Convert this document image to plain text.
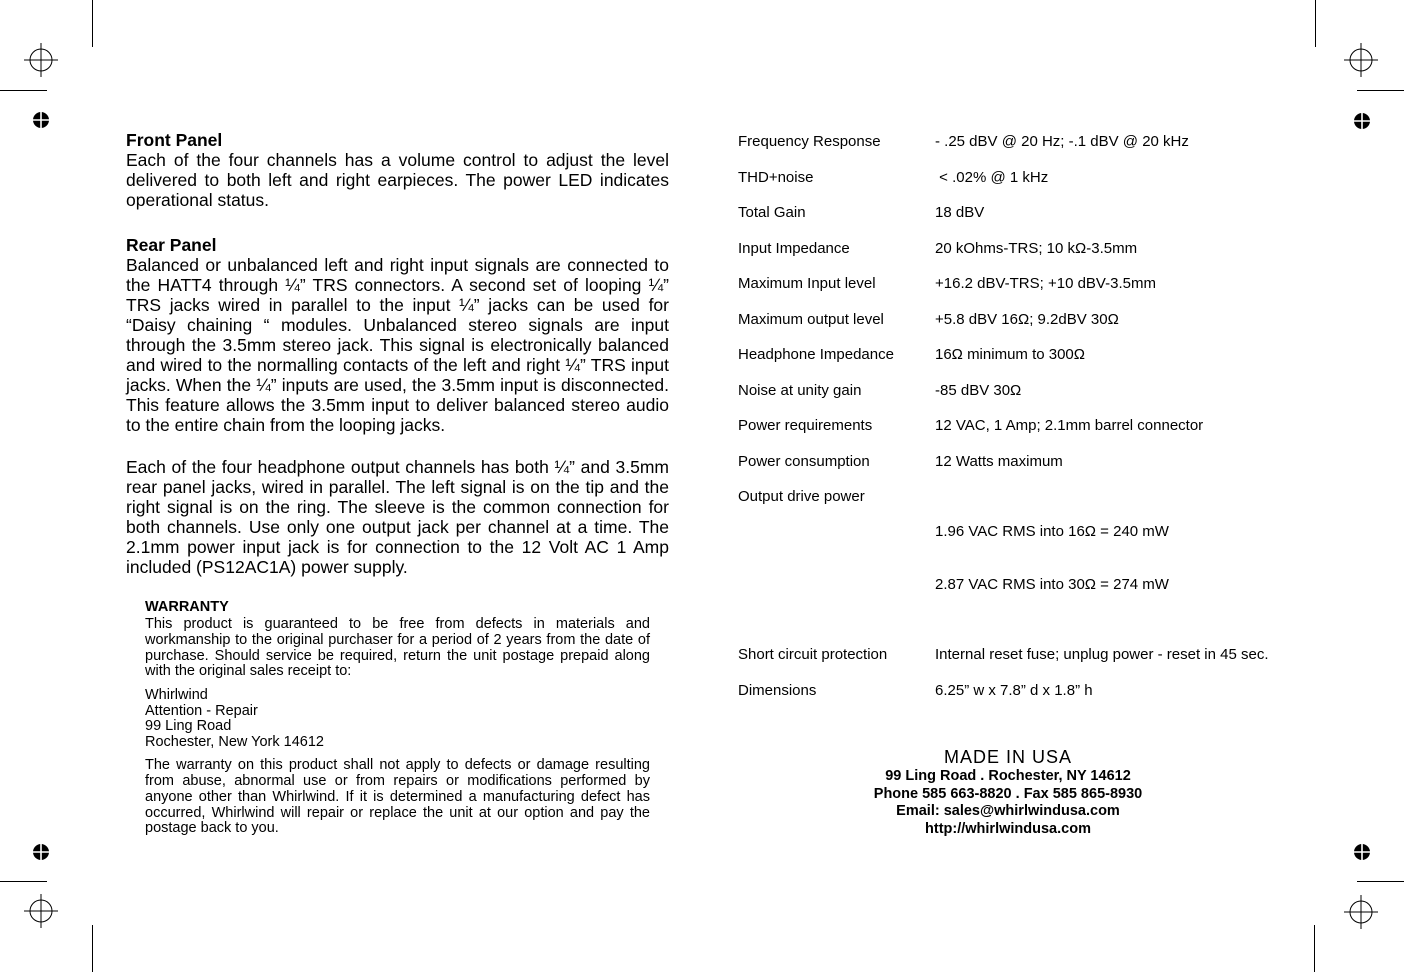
Front Panel

Each of the four channels has a volume control to adjust the level delivered to both left and right earpieces. The power LED indicates operational status.

Rear Panel

Balanced or unbalanced left and right input signals are connected to the HATT4 through ¼” TRS connectors. A second set of looping ¼” TRS jacks wired in parallel to the input ¼” jacks can be used for “Daisy chaining “ modules. Unbalanced stereo signals are input through the 3.5mm stereo jack. This signal is electronically balanced and wired to the normalling contacts of the left and right ¼” TRS input jacks. When the ¼” inputs are used, the 3.5mm input is disconnected. This feature allows the 3.5mm input to deliver balanced stereo audio to the entire chain from the looping jacks.

Each of the four headphone output channels has both ¼” and 3.5mm rear panel jacks, wired in parallel. The left signal is on the tip and the right signal is on the ring. The sleeve is the common connection for both channels. Use only one output jack per channel at a time. The 2.1mm power input jack is for connection to the 12 Volt AC 1 Amp included (PS12AC1A) power supply.

WARRANTY

This product is guaranteed to be free from defects in materials and workmanship to the original purchaser for a period of 2 years from the date of purchase. Should service be required, return the unit postage prepaid along with the original sales receipt to:

Whirlwind
Attention - Repair
99 Ling Road
Rochester, New York 14612

The warranty on this product shall not apply to defects or damage resulting from abuse, abnormal use or from repairs or modifications performed by anyone other than Whirlwind. If it is determined a manufacturing defect has occurred, Whirlwind will repair or replace the unit at our option and pay the postage back to you.

Frequency Response	- .25 dBV @ 20 Hz; -.1 dBV @ 20 kHz
THD+noise	< .02% @ 1 kHz
Total Gain	18 dBV
Input Impedance	20 kOhms-TRS; 10 kΩ-3.5mm
Maximum Input level	+16.2 dBV-TRS; +10 dBV-3.5mm
Maximum output level	+5.8 dBV 16Ω; 9.2dBV 30Ω
Headphone Impedance	16Ω minimum to 300Ω
Noise at unity gain	-85 dBV 30Ω
Power requirements	12 VAC, 1 Amp; 2.1mm barrel connector
Power consumption	12 Watts maximum
Output drive power

1.96 VAC RMS into 16Ω = 240 mW

2.87 VAC RMS into 30Ω = 274 mW

Short circuit protection	Internal reset fuse; unplug power - reset in 45 sec.
Dimensions	6.25” w x 7.8” d x 1.8” h
MADE IN USA
99 Ling Road . Rochester, NY 14612
Phone 585 663-8820 . Fax 585 865-8930
Email: sales@whirlwindusa.com
http://whirlwindusa.com
